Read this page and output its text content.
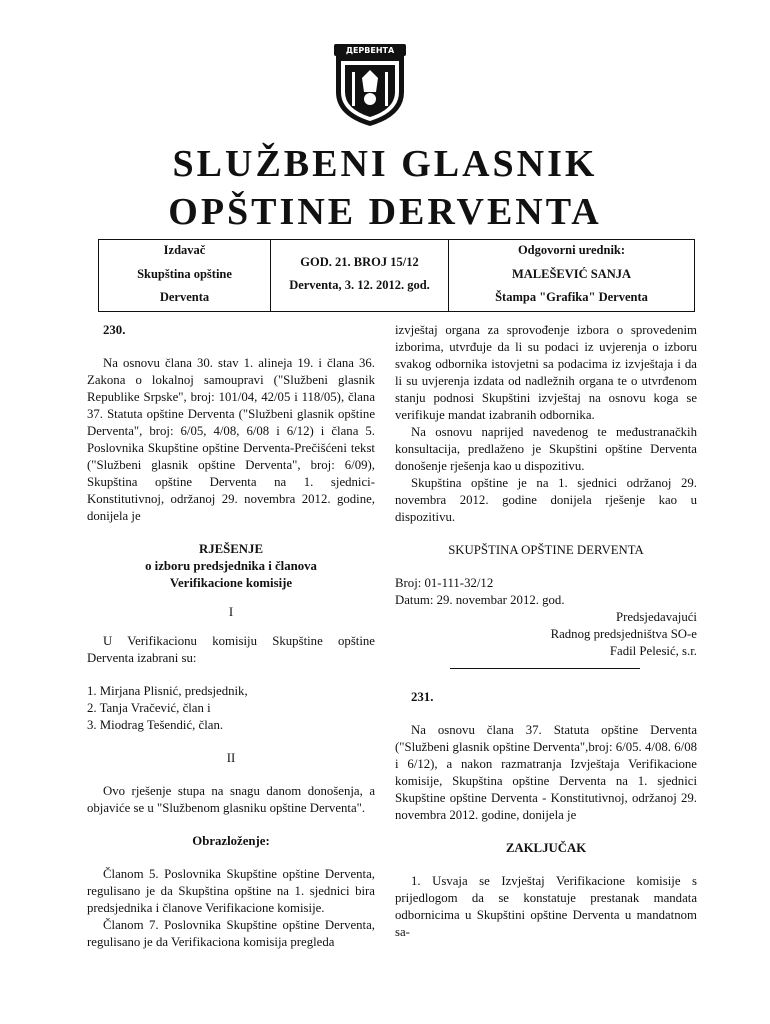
ДЕРВЕНТА
SLUŽBENI GLASNIK
OPŠTINE DERVENTA
Izdavač
Skupština opštine
Derventa
GOD. 21. BROJ 15/12
Derventa, 3. 12. 2012. god.
Odgovorni urednik:
MALEŠEVIĆ SANJA
Štampa "Grafika" Derventa

230.

Na osnovu člana 30. stav 1. alineja 19. i člana 36. Zakona o lokalnoj samoupravi ("Službeni glasnik Republike Srpske", broj: 101/04, 42/05 i 118/05), člana 37. Statuta opštine Derventa ("Službeni glasnik opštine Derventa", broj: 6/05, 4/08, 6/08 i 6/12) i člana 5. Poslovnika Skupštine opštine Derventa-Prečišćeni tekst ("Službeni glasnik opštine Derventa", broj: 6/09), Skupština opštine Derventa na 1. sjednici-Konstitutivnoj, održanoj 29. novembra 2012. godine, donijela je

RJEŠENJE

o izboru predsjednika i članova

Verifikacione komisije

I

U Verifikacionu komisiju Skupštine opštine Derventa izabrani su:

1. Mirjana Plisnić, predsjednik,

2. Tanja Vračević, član i

3. Miodrag Tešendić, član.

II

Ovo rješenje stupa na snagu danom donošenja, a objaviće se u "Službenom glasniku opštine Derventa".

Obrazloženje:

Članom 5. Poslovnika Skupštine opštine Derventa, regulisano je da Skupština opštine na 1. sjednici bira predsjednika i članove Verifikacione komisije.

Članom 7. Poslovnika Skupštine opštine Derventa, regulisano je da Verifikaciona komisija pregleda

izvještaj organa za sprovođenje izbora o sprovedenim izborima, utvrđuje da li su podaci iz uvjerenja o izboru svakog odbornika istovjetni sa podacima iz izvještaja i da li su uvjerenja izdata od nadležnih organa te o utvrđenom stanju podnosi Skupštini izvještaj na osnovu koga se verifikuje mandat izabranih odbornika.

Na osnovu naprijed navedenog te međustranačkih konsultacija, predlaženo je Skupštini opštine Derventa donošenje rješenja kao u dispozitivu.

Skupština opštine je na 1. sjednici održanoj 29. novembra 2012. godine donijela rješenje kao u dispozitivu.

SKUPŠTINA OPŠTINE DERVENTA

Broj: 01-111-32/12

Datum: 29. novembar 2012. god.

Predsjedavajući

Radnog predsjedništva SO-e

Fadil Pelesić, s.r.

231.

Na osnovu člana 37. Statuta opštine Derventa ("Službeni glasnik opštine Derventa",broj: 6/05. 4/08. 6/08 i 6/12), a nakon razmatranja Izvještaja Verifikacione komisije, Skupština opštine Derventa na 1. sjednici Skupštine opštine Derventa - Konstitutivnoj, održanoj 29. novembra 2012. godine, donijela je

ZAKLJUČAK

1. Usvaja se Izvještaj Verifikacione komisije s prijedlogom da se konstatuje prestanak mandata odbornicima u Skupštini opštine Derventa u mandatnom sa-
